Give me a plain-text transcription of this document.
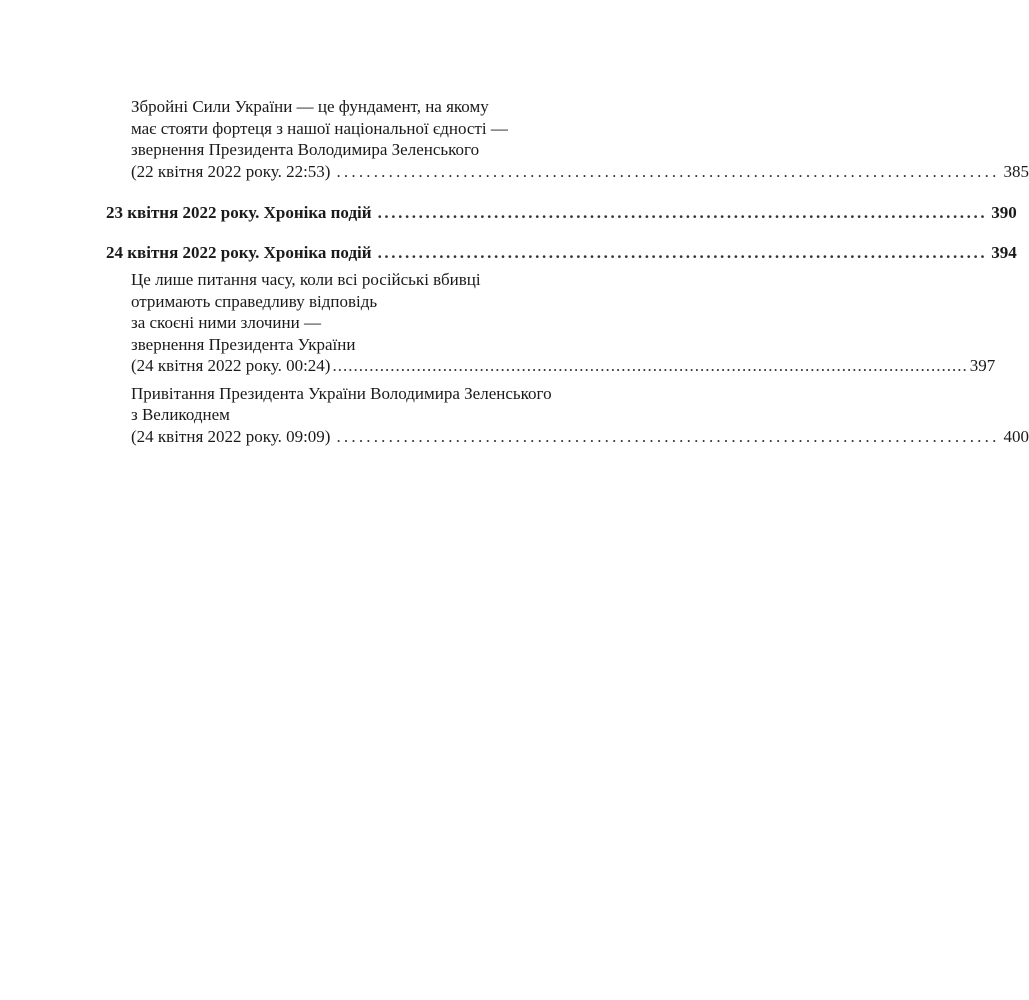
Збройні Сили України — це фундамент, на якому
має стояти фортеця з нашої національної єдності —
звернення Президента Володимира Зеленського
(22 квітня 2022 року. 22:53) ......................................................................................... 385
23 квітня 2022 року. Хроніка подій ......................................................................................... 390
24 квітня 2022 року. Хроніка подій ......................................................................................... 394
Це лише питання часу, коли всі російські вбивці
отримають справедливу відповідь
за скоєні ними злочини —
звернення Президента України
(24 квітня 2022 року. 00:24) ......................................................................................................................... 397
Привітання Президента України Володимира Зеленського
з Великоднем
(24 квітня 2022 року. 09:09) ......................................................................................... 400
